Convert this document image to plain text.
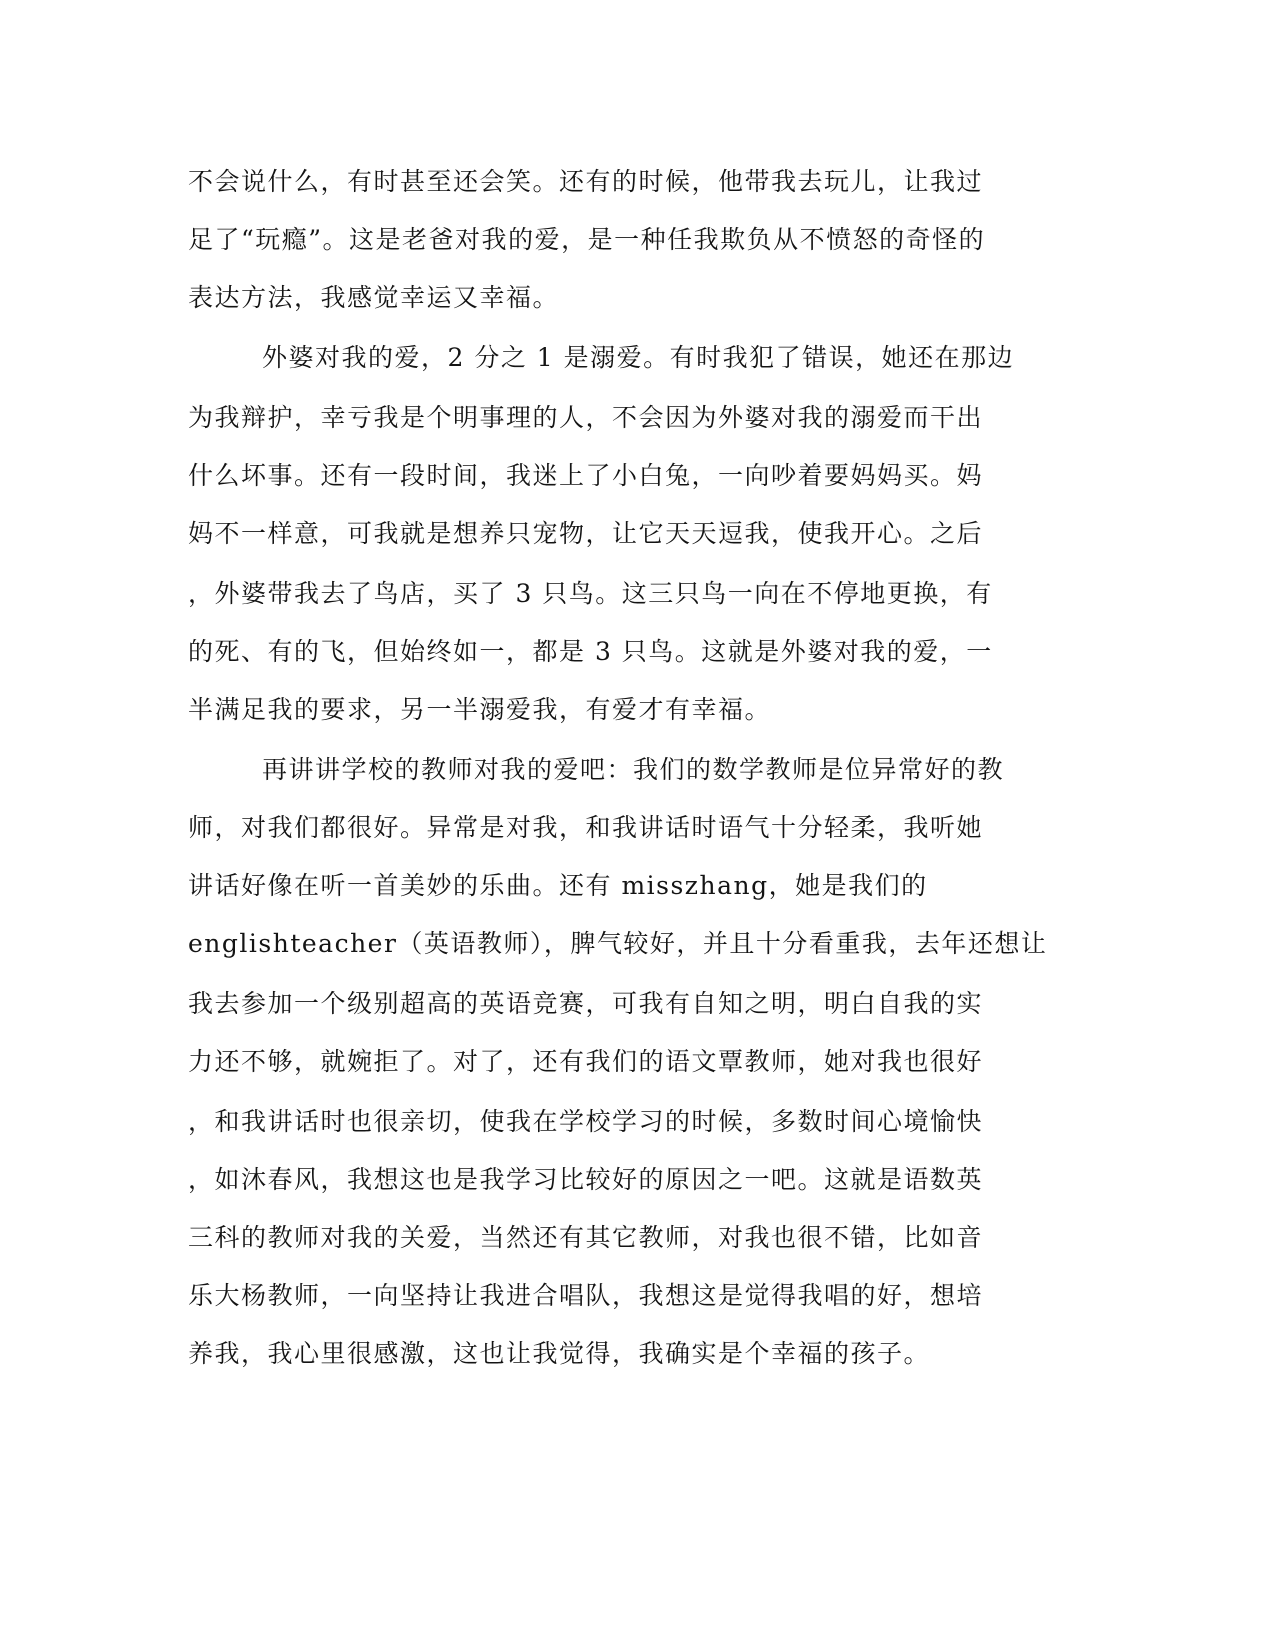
不会说什么，有时甚至还会笑。还有的时候，他带我去玩儿，让我过
足了“玩瘾”。这是老爸对我的爱，是一种任我欺负从不愤怒的奇怪的
表达方法，我感觉幸运又幸福。
外婆对我的爱，2 分之 1 是溺爱。有时我犯了错误，她还在那边
为我辩护，幸亏我是个明事理的人，不会因为外婆对我的溺爱而干出
什么坏事。还有一段时间，我迷上了小白兔，一向吵着要妈妈买。妈
妈不一样意，可我就是想养只宠物，让它天天逗我，使我开心。之后
，外婆带我去了鸟店，买了 3 只鸟。这三只鸟一向在不停地更换，有
的死、有的飞，但始终如一，都是 3 只鸟。这就是外婆对我的爱，一
半满足我的要求，另一半溺爱我，有爱才有幸福。
再讲讲学校的教师对我的爱吧：我们的数学教师是位异常好的教
师，对我们都很好。异常是对我，和我讲话时语气十分轻柔，我听她
讲话好像在听一首美妙的乐曲。还有 misszhang，她是我们的
englishteacher（英语教师），脾气较好，并且十分看重我，去年还想让
我去参加一个级别超高的英语竞赛，可我有自知之明，明白自我的实
力还不够，就婉拒了。对了，还有我们的语文覃教师，她对我也很好
，和我讲话时也很亲切，使我在学校学习的时候，多数时间心境愉快
，如沐春风，我想这也是我学习比较好的原因之一吧。这就是语数英
三科的教师对我的关爱，当然还有其它教师，对我也很不错，比如音
乐大杨教师，一向坚持让我进合唱队，我想这是觉得我唱的好，想培
养我，我心里很感激，这也让我觉得，我确实是个幸福的孩子。
